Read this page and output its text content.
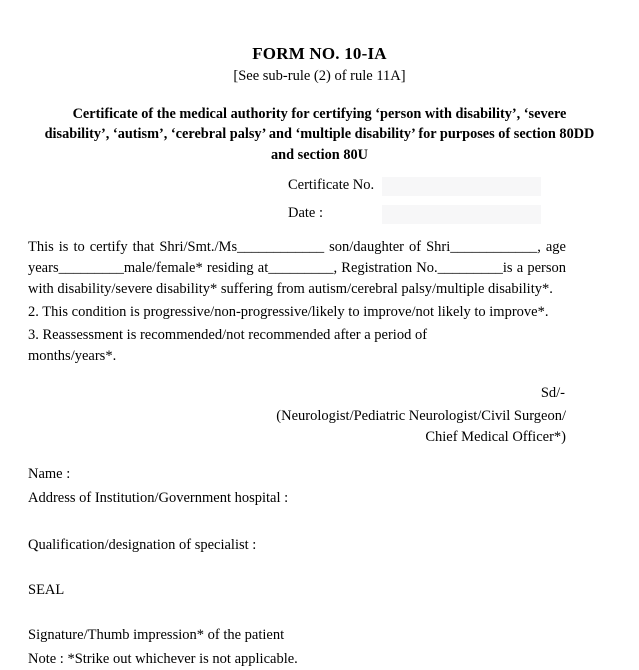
FORM NO. 10-IA
[See sub-rule (2) of rule 11A]
Certificate of the medical authority for certifying ‘person with disability’, ‘severe disability’, ‘autism’, ‘cerebral palsy’ and ‘multiple disability’ for purposes of section 80DD and section 80U
Certificate No.
Date :

This is to certify that Shri/Smt./Ms____________ son/daughter of Shri____________, age years_________male/female* residing at_________, Registration No._________is a person with disability/severe disability* suffering from autism/cerebral palsy/multiple disability*.

2. This condition is progressive/non-progressive/likely to improve/not likely to improve*.

3. Reassessment is recommended/not recommended after a period of
months/years*.

Sd/-
(Neurologist/Pediatric Neurologist/Civil Surgeon/
Chief Medical Officer*)

Name :

Address of Institution/Government hospital :

Qualification/designation of specialist :

SEAL

Signature/Thumb impression* of the patient

Note : *Strike out whichever is not applicable.
